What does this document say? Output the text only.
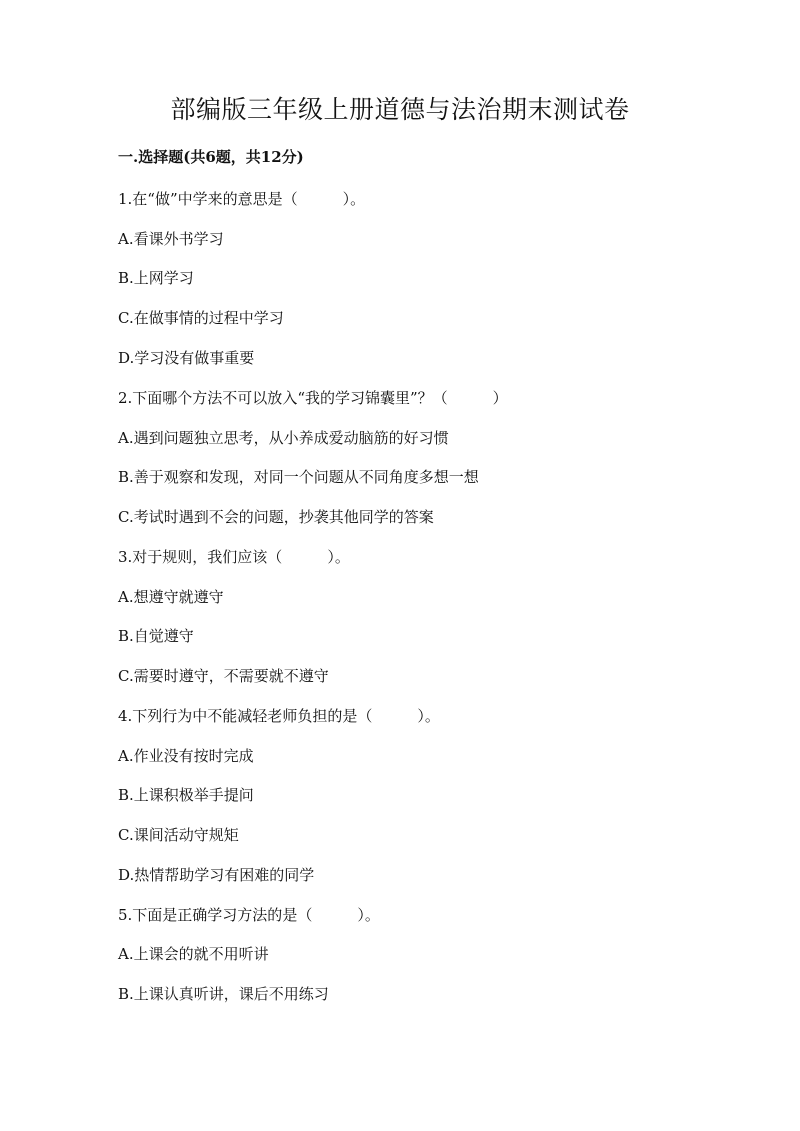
部编版三年级上册道德与法治期末测试卷
一.选择题(共6题，共12分)
1.在“做”中学来的意思是（　　　）。
A.看课外书学习
B.上网学习
C.在做事情的过程中学习
D.学习没有做事重要
2.下面哪个方法不可以放入“我的学习锦囊里”？（　　　）
A.遇到问题独立思考，从小养成爱动脑筋的好习惯
B.善于观察和发现，对同一个问题从不同角度多想一想
C.考试时遇到不会的问题，抄袭其他同学的答案
3.对于规则，我们应该（　　　）。
A.想遵守就遵守
B.自觉遵守
C.需要时遵守，不需要就不遵守
4.下列行为中不能减轻老师负担的是（　　　）。
A.作业没有按时完成
B.上课积极举手提问
C.课间活动守规矩
D.热情帮助学习有困难的同学
5.下面是正确学习方法的是（　　　）。
A.上课会的就不用听讲
B.上课认真听讲，课后不用练习
